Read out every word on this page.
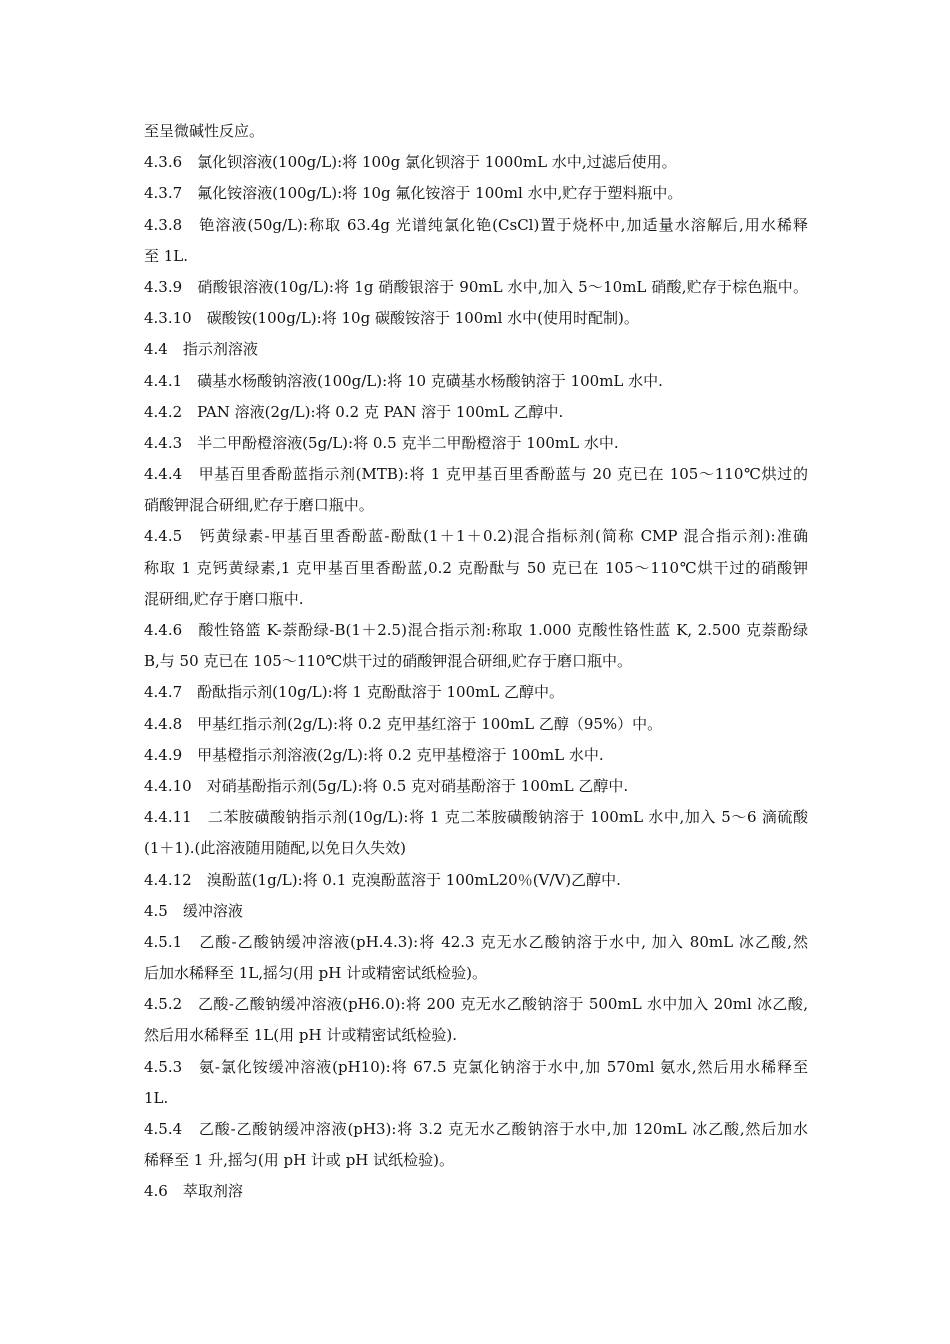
至呈微碱性反应。
4.3.6　氯化钡溶液(100g/L):将 100g 氯化钡溶于 1000mL 水中,过滤后使用。
4.3.7　氟化铵溶液(100g/L):将 10g 氟化铵溶于 100ml 水中,贮存于塑料瓶中。
4.3.8　铯溶液(50g/L):称取 63.4g 光谱纯氯化铯(CsCl)置于烧杯中,加适量水溶解后,用水稀释
至 1L.
4.3.9　硝酸银溶液(10g/L):将 1g 硝酸银溶于 90mL 水中,加入 5～10mL 硝酸,贮存于棕色瓶中。
4.3.10　碳酸铵(100g/L):将 10g 碳酸铵溶于 100ml 水中(使用时配制)。
4.4　指示剂溶液
4.4.1　磺基水杨酸钠溶液(100g/L):将 10 克磺基水杨酸钠溶于 100mL 水中.
4.4.2　PAN 溶液(2g/L):将 0.2 克 PAN 溶于 100mL 乙醇中.
4.4.3　半二甲酚橙溶液(5g/L):将 0.5 克半二甲酚橙溶于 100mL 水中.
4.4.4　甲基百里香酚蓝指示剂(MTB):将 1 克甲基百里香酚蓝与 20 克已在 105～110℃烘过的
硝酸钾混合研细,贮存于磨口瓶中。
4.4.5　钙黄绿素-甲基百里香酚蓝-酚酞(1＋1＋0.2)混合指标剂(简称 CMP 混合指示剂):准确
称取 1 克钙黄绿素,1 克甲基百里香酚蓝,0.2 克酚酞与 50 克已在 105～110℃烘干过的硝酸钾
混研细,贮存于磨口瓶中.
4.4.6　酸性铬篮 K-萘酚绿-B(1＋2.5)混合指示剂:称取 1.000 克酸性铬性蓝 K, 2.500 克萘酚绿
B,与 50 克已在 105～110℃烘干过的硝酸钾混合研细,贮存于磨口瓶中。
4.4.7　酚酞指示剂(10g/L):将 1 克酚酞溶于 100mL 乙醇中。
4.4.8　甲基红指示剂(2g/L):将 0.2 克甲基红溶于 100mL 乙醇（95%）中。
4.4.9　甲基橙指示剂溶液(2g/L):将 0.2 克甲基橙溶于 100mL 水中.
4.4.10　对硝基酚指示剂(5g/L):将 0.5 克对硝基酚溶于 100mL 乙醇中.
4.4.11　二苯胺磺酸钠指示剂(10g/L):将 1 克二苯胺磺酸钠溶于 100mL 水中,加入 5～6 滴硫酸
(1＋1).(此溶液随用随配,以免日久失效)
4.4.12　溴酚蓝(1g/L):将 0.1 克溴酚蓝溶于 100mL20％(V/V)乙醇中.
4.5　缓冲溶液
4.5.1　乙酸-乙酸钠缓冲溶液(pH.4.3):将 42.3 克无水乙酸钠溶于水中, 加入 80mL 冰乙酸,然
后加水稀释至 1L,摇匀(用 pH 计或精密试纸检验)。
4.5.2　乙酸-乙酸钠缓冲溶液(pH6.0):将 200 克无水乙酸钠溶于 500mL 水中加入 20ml 冰乙酸,
然后用水稀释至 1L(用 pH 计或精密试纸检验).
4.5.3　氨-氯化铵缓冲溶液(pH10):将 67.5 克氯化钠溶于水中,加 570ml 氨水,然后用水稀释至
1L.
4.5.4　乙酸-乙酸钠缓冲溶液(pH3):将 3.2 克无水乙酸钠溶于水中,加 120mL 冰乙酸,然后加水
稀释至 1 升,摇匀(用 pH 计或 pH 试纸检验)。
4.6　萃取剂溶
